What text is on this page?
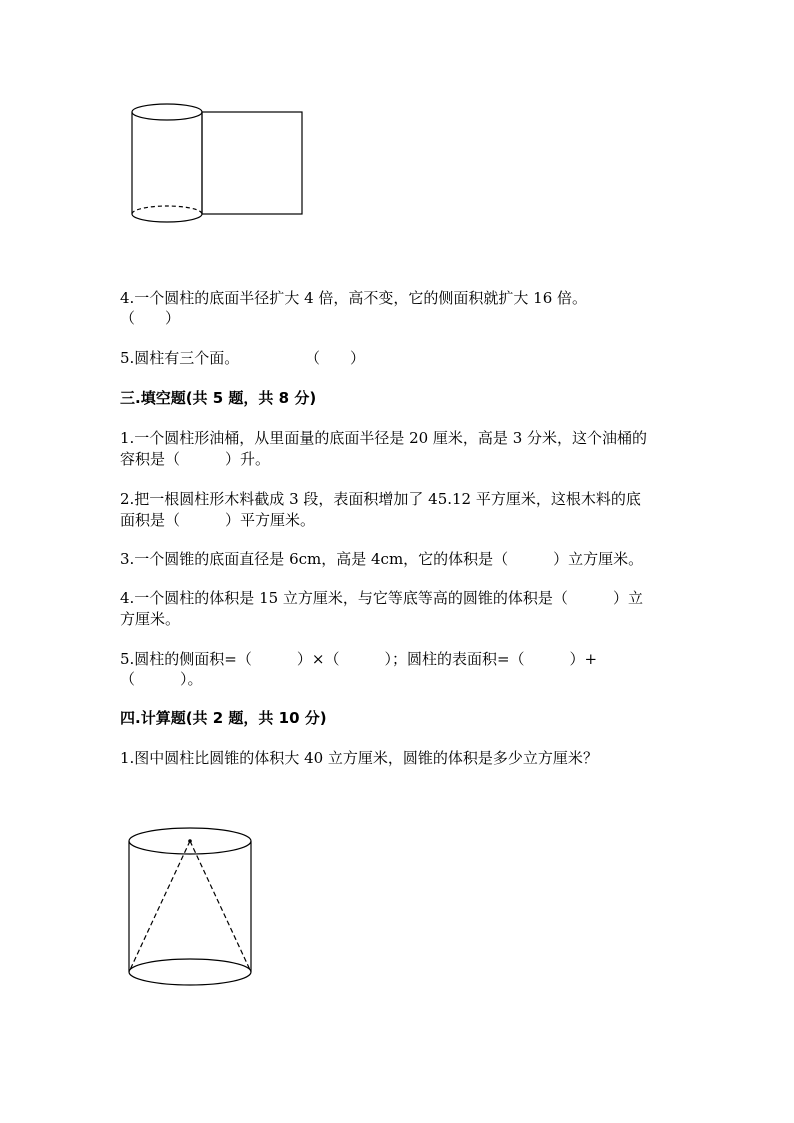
4.一个圆柱的底面半径扩大 4 倍，高不变，它的侧面积就扩大 16 倍。
（　　）
5.圆柱有三个面。	（　　）
三.填空题(共 5 题，共 8 分)
1.一个圆柱形油桶，从里面量的底面半径是 20 厘米，高是 3 分米，这个油桶的
容积是（　　　）升。
2.把一根圆柱形木料截成 3 段，表面积增加了 45.12 平方厘米，这根木料的底
面积是（　　　）平方厘米。
3.一个圆锥的底面直径是 6cm，高是 4cm，它的体积是（　　　）立方厘米。
4.一个圆柱的体积是 15 立方厘米，与它等底等高的圆锥的体积是（　　　）立
方厘米。
5.圆柱的侧面积=（　　　）×（　　　）；圆柱的表面积=（　　　）+
（　　　）。
四.计算题(共 2 题，共 10 分)
1.图中圆柱比圆锥的体积大 40 立方厘米，圆锥的体积是多少立方厘米？
